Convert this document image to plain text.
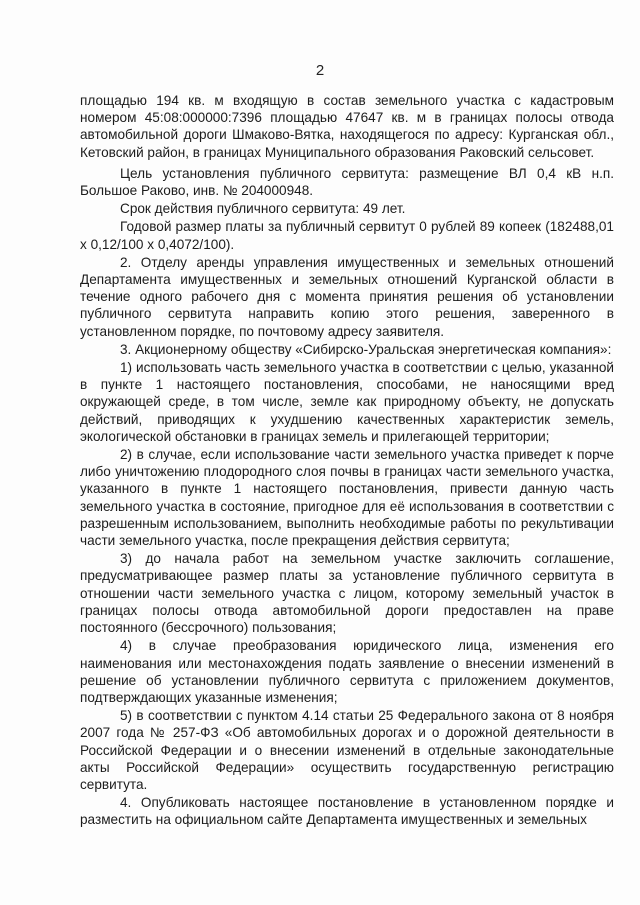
2

площадью 194 кв. м входящую в состав земельного участка с кадастровым номером 45:08:000000:7396 площадью 47647 кв. м в границах полосы отвода автомобильной дороги Шмаково-Вятка, находящегося по адресу: Курганская обл., Кетовский район, в границах Муниципального образования Раковский сельсовет.

Цель установления публичного сервитута: размещение ВЛ 0,4 кВ н.п. Большое Раково, инв. № 204000948.

Срок действия публичного сервитута: 49 лет.

Годовой размер платы за публичный сервитут 0 рублей 89 копеек (182488,01 х 0,12/100 х 0,4072/100).

2. Отделу аренды управления имущественных и земельных отношений Департамента имущественных и земельных отношений Курганской области в течение одного рабочего дня с момента принятия решения об установлении публичного сервитута направить копию этого решения, заверенного в установленном порядке, по почтовому адресу заявителя.

3. Акционерному обществу «Сибирско-Уральская энергетическая компания»:

1) использовать часть земельного участка в соответствии с целью, указанной в пункте 1 настоящего постановления, способами, не наносящими вред окружающей среде, в том числе, земле как природному объекту, не допускать действий, приводящих к ухудшению качественных характеристик земель, экологической обстановки в границах земель и прилегающей территории;

2) в случае, если использование части земельного участка приведет к порче либо уничтожению плодородного слоя почвы в границах части земельного участка, указанного в пункте 1 настоящего постановления, привести данную часть земельного участка в состояние, пригодное для её использования в соответствии с разрешенным использованием, выполнить необходимые работы по рекультивации части земельного участка, после прекращения действия сервитута;

3) до начала работ на земельном участке заключить соглашение, предусматривающее размер платы за установление публичного сервитута в отношении части земельного участка с лицом, которому земельный участок в границах полосы отвода автомобильной дороги предоставлен на праве постоянного (бессрочного) пользования;

4) в случае преобразования юридического лица, изменения его наименования или местонахождения подать заявление о внесении изменений в решение об установлении публичного сервитута с приложением документов, подтверждающих указанные изменения;

5) в соответствии с пунктом 4.14 статьи 25 Федерального закона от 8 ноября 2007 года № 257-ФЗ «Об автомобильных дорогах и о дорожной деятельности в Российской Федерации и о внесении изменений в отдельные законодательные акты Российской Федерации» осуществить государственную регистрацию сервитута.

4. Опубликовать настоящее постановление в установленном порядке и разместить на официальном сайте Департамента имущественных и земельных
